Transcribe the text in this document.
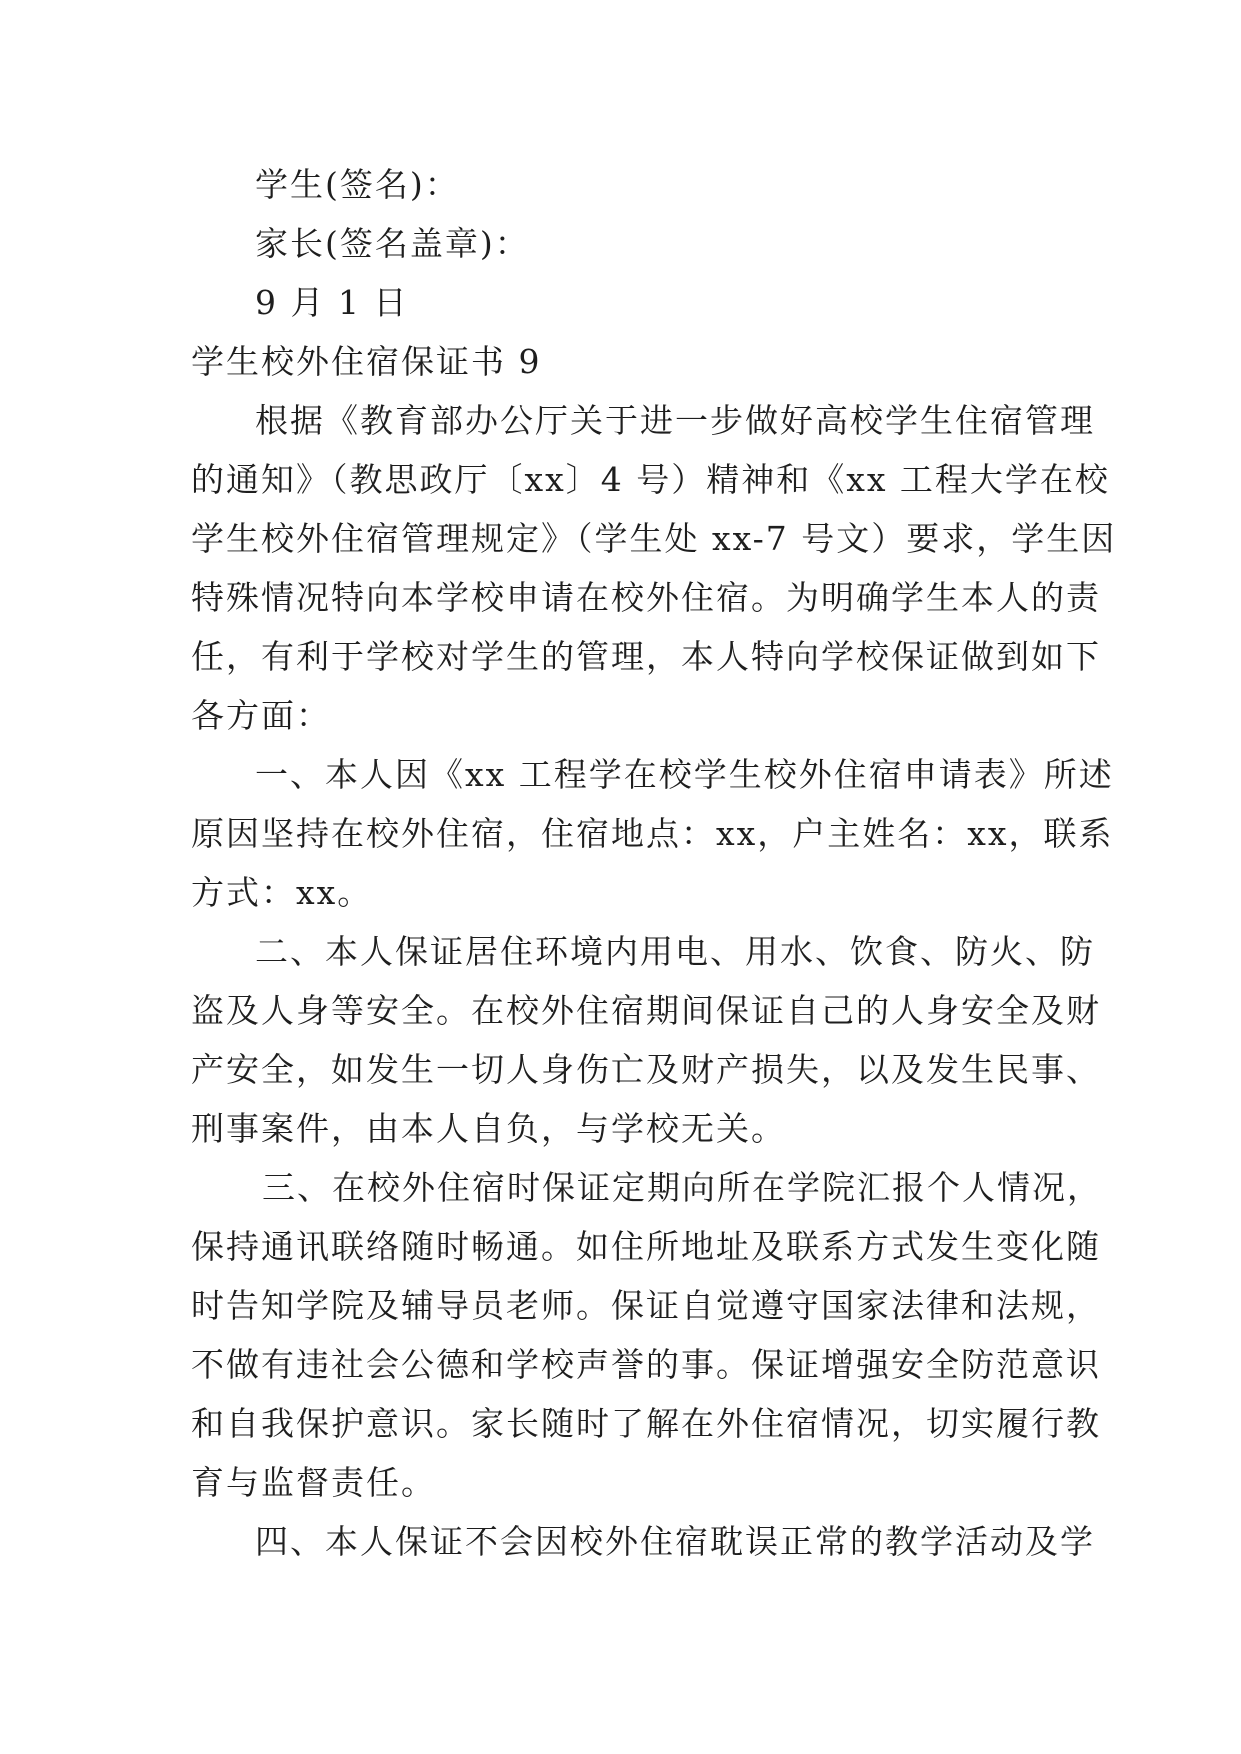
学生(签名)：
家长(签名盖章)：
9 月 1 日
学生校外住宿保证书 9
根据《教育部办公厅关于进一步做好高校学生住宿管理
的通知》（教思政厅〔xx〕4 号）精神和《xx 工程大学在校
学生校外住宿管理规定》（学生处 xx-7 号文）要求，学生因
特殊情况特向本学校申请在校外住宿。为明确学生本人的责
任，有利于学校对学生的管理，本人特向学校保证做到如下
各方面：
一、本人因《xx 工程学在校学生校外住宿申请表》所述
原因坚持在校外住宿，住宿地点：xx，户主姓名：xx，联系
方式：xx。
二、本人保证居住环境内用电、用水、饮食、防火、防
盗及人身等安全。在校外住宿期间保证自己的人身安全及财
产安全，如发生一切人身伤亡及财产损失，以及发生民事、
刑事案件，由本人自负，与学校无关。
三、在校外住宿时保证定期向所在学院汇报个人情况，
保持通讯联络随时畅通。如住所地址及联系方式发生变化随
时告知学院及辅导员老师。保证自觉遵守国家法律和法规，
不做有违社会公德和学校声誉的事。保证增强安全防范意识
和自我保护意识。家长随时了解在外住宿情况，切实履行教
育与监督责任。
四、本人保证不会因校外住宿耽误正常的教学活动及学
